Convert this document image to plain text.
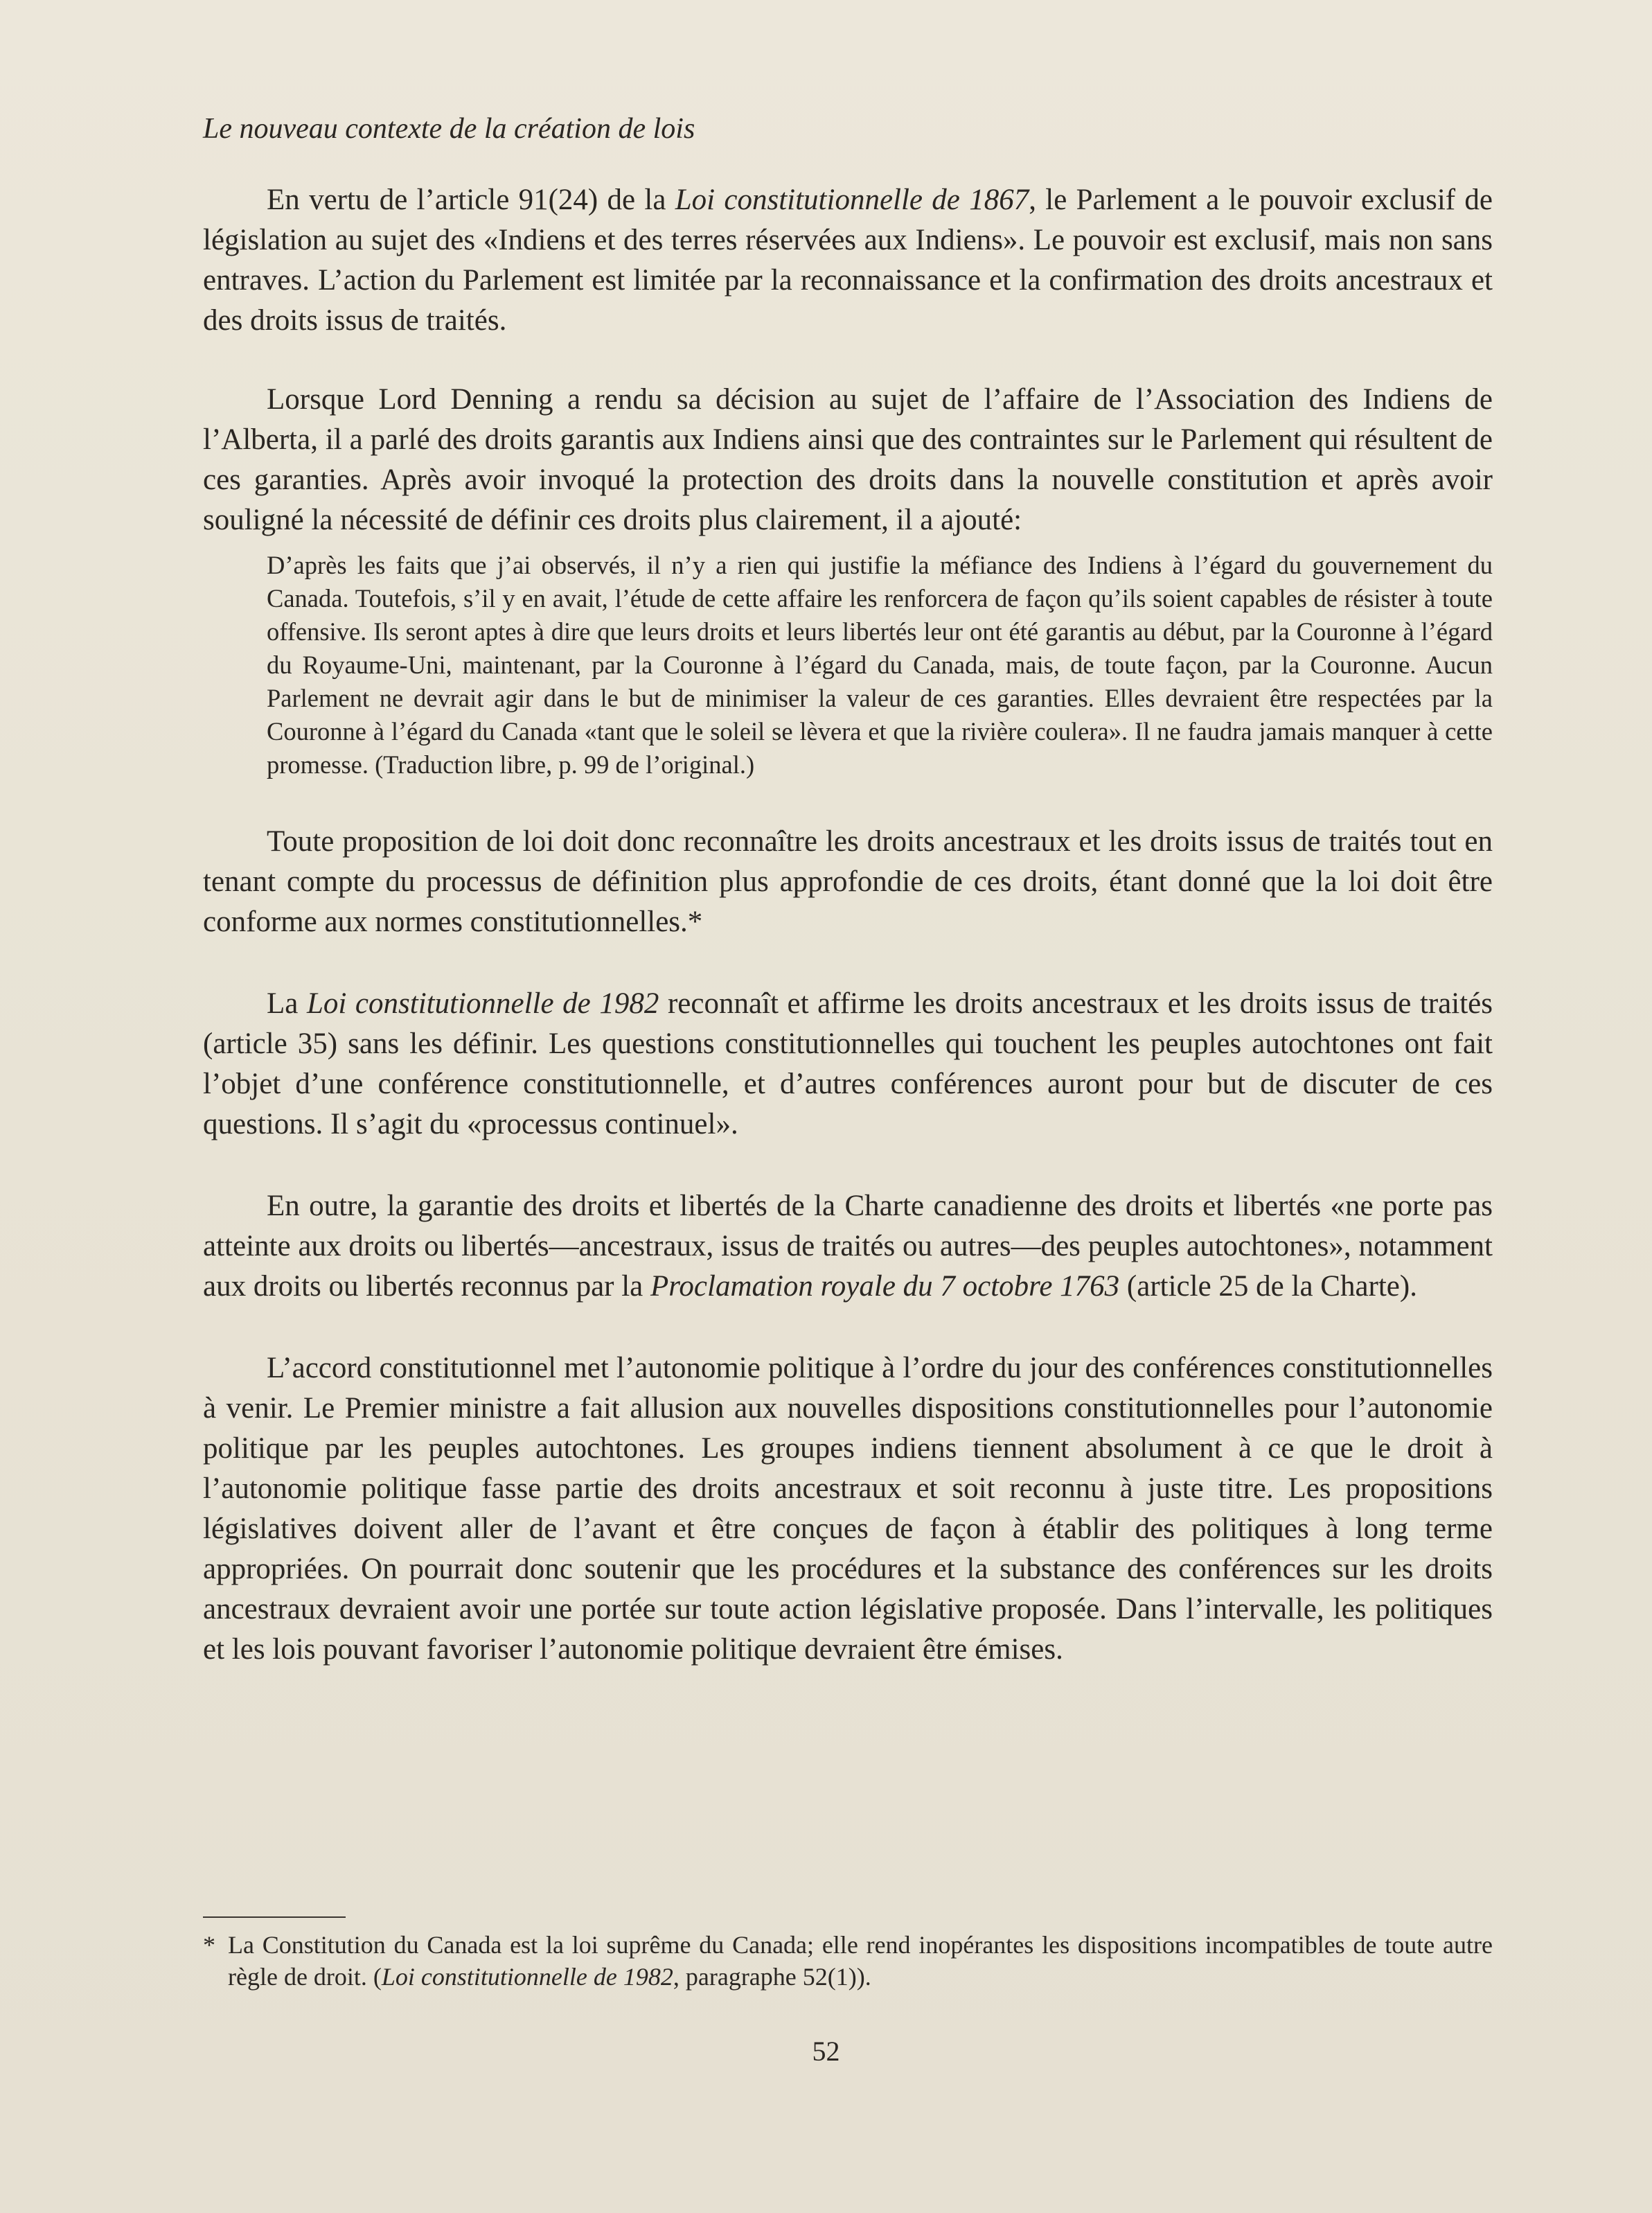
Le nouveau contexte de la création de lois

En vertu de l’article 91(24) de la Loi constitutionnelle de 1867, le Parlement a le pouvoir exclusif de législation au sujet des «Indiens et des terres réservées aux Indiens». Le pouvoir est exclusif, mais non sans entraves. L’action du Parlement est limitée par la reconnaissance et la confirmation des droits ancestraux et des droits issus de traités.

Lorsque Lord Denning a rendu sa décision au sujet de l’affaire de l’Association des Indiens de l’Alberta, il a parlé des droits garantis aux Indiens ainsi que des contraintes sur le Parlement qui résultent de ces garanties. Après avoir invoqué la protection des droits dans la nouvelle constitution et après avoir souligné la nécessité de définir ces droits plus clairement, il a ajouté:

D’après les faits que j’ai observés, il n’y a rien qui justifie la méfiance des Indiens à l’égard du gouvernement du Canada. Toutefois, s’il y en avait, l’étude de cette affaire les renforcera de façon qu’ils soient capables de résister à toute offensive. Ils seront aptes à dire que leurs droits et leurs libertés leur ont été garantis au début, par la Couronne à l’égard du Royaume-Uni, maintenant, par la Couronne à l’égard du Canada, mais, de toute façon, par la Couronne. Aucun Parlement ne devrait agir dans le but de minimiser la valeur de ces garanties. Elles devraient être respectées par la Couronne à l’égard du Canada «tant que le soleil se lèvera et que la rivière coulera». Il ne faudra jamais manquer à cette promesse. (Traduction libre, p. 99 de l’original.)

Toute proposition de loi doit donc reconnaître les droits ancestraux et les droits issus de traités tout en tenant compte du processus de définition plus approfondie de ces droits, étant donné que la loi doit être conforme aux normes constitutionnelles.*

La Loi constitutionnelle de 1982 reconnaît et affirme les droits ancestraux et les droits issus de traités (article 35) sans les définir. Les questions constitutionnelles qui touchent les peuples autochtones ont fait l’objet d’une conférence constitutionnelle, et d’autres conférences auront pour but de discuter de ces questions. Il s’agit du «processus continuel».

En outre, la garantie des droits et libertés de la Charte canadienne des droits et libertés «ne porte pas atteinte aux droits ou libertés—ancestraux, issus de traités ou autres—des peuples autochtones», notamment aux droits ou libertés reconnus par la Proclamation royale du 7 octobre 1763 (article 25 de la Charte).

L’accord constitutionnel met l’autonomie politique à l’ordre du jour des conférences constitutionnelles à venir. Le Premier ministre a fait allusion aux nouvelles dispositions constitutionnelles pour l’autonomie politique par les peuples autochtones. Les groupes indiens tiennent absolument à ce que le droit à l’autonomie politique fasse partie des droits ancestraux et soit reconnu à juste titre. Les propositions législatives doivent aller de l’avant et être conçues de façon à établir des politiques à long terme appropriées. On pourrait donc soutenir que les procédures et la substance des conférences sur les droits ancestraux devraient avoir une portée sur toute action législative proposée. Dans l’intervalle, les politiques et les lois pouvant favoriser l’autonomie politique devraient être émises.

* La Constitution du Canada est la loi suprême du Canada; elle rend inopérantes les dispositions incompatibles de toute autre règle de droit. (Loi constitutionnelle de 1982, paragraphe 52(1)).
52
